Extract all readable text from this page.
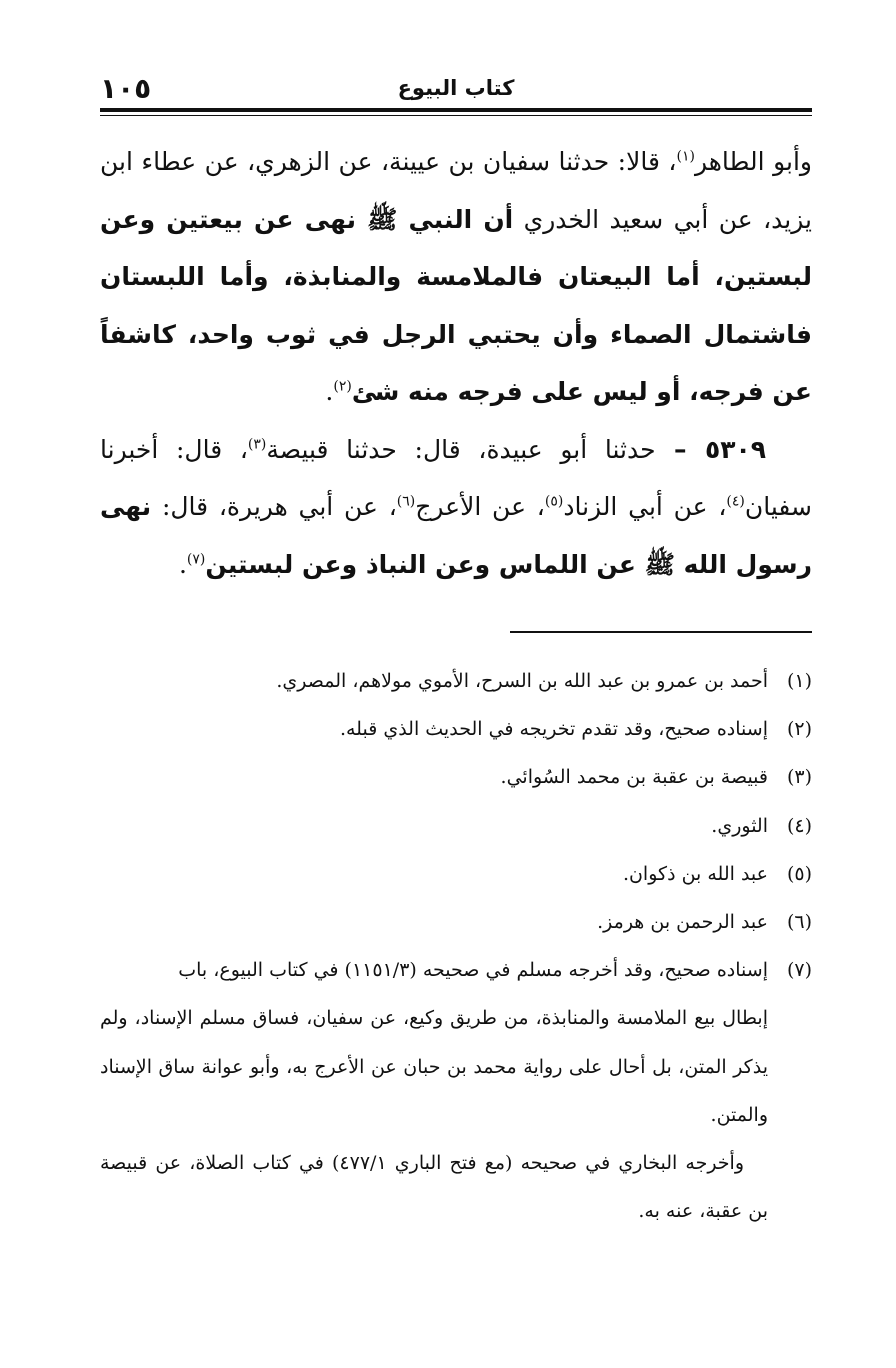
١٠٥	كتاب البيوع

وأبو الطاهر$^{(١)}$، قالا: حدثنا سفيان بن عيينة، عن الزهري، عن عطاء ابن يزيد، عن أبي سعيد الخدري أن النبي ﷺ نهى عن بيعتين وعن لبستين، أما البيعتان فالملامسة والمنابذة، وأما اللبستان فاشتمال الصماء وأن يحتبي الرجل في ثوب واحد، كاشفاً عن فرجه، أو ليس على فرجه منه شئ$^{(٢)}$.

٥٣٠٩ – حدثنا أبو عبيدة، قال: حدثنا قبيصة$^{(٣)}$، قال: أخبرنا سفيان$^{(٤)}$، عن أبي الزناد$^{(٥)}$، عن الأعرج$^{(٦)}$، عن أبي هريرة، قال: نهى رسول الله ﷺ عن اللماس وعن النباذ وعن لبستين$^{(٧)}$.

(١)أحمد بن عمرو بن عبد الله بن السرح، الأموي مولاهم، المصري.

(٢)إسناده صحيح، وقد تقدم تخريجه في الحديث الذي قبله.

(٣)قبيصة بن عقبة بن محمد السُوائي.

(٤)الثوري.

(٥)عبد الله بن ذكوان.

(٦)عبد الرحمن بن هرمز.

(٧)إسناده صحيح، وقد أخرجه مسلم في صحيحه (١١٥١/٣) في كتاب البيوع، باب

إبطال بيع الملامسة والمنابذة، من طريق وكيع، عن سفيان، فساق مسلم الإسناد، ولم يذكر المتن، بل أحال على رواية محمد بن حبان عن الأعرج به، وأبو عوانة ساق الإسناد والمتن.

وأخرجه البخاري في صحيحه (مع فتح الباري ٤٧٧/١) في كتاب الصلاة، عن قبيصة بن عقبة، عنه به.
